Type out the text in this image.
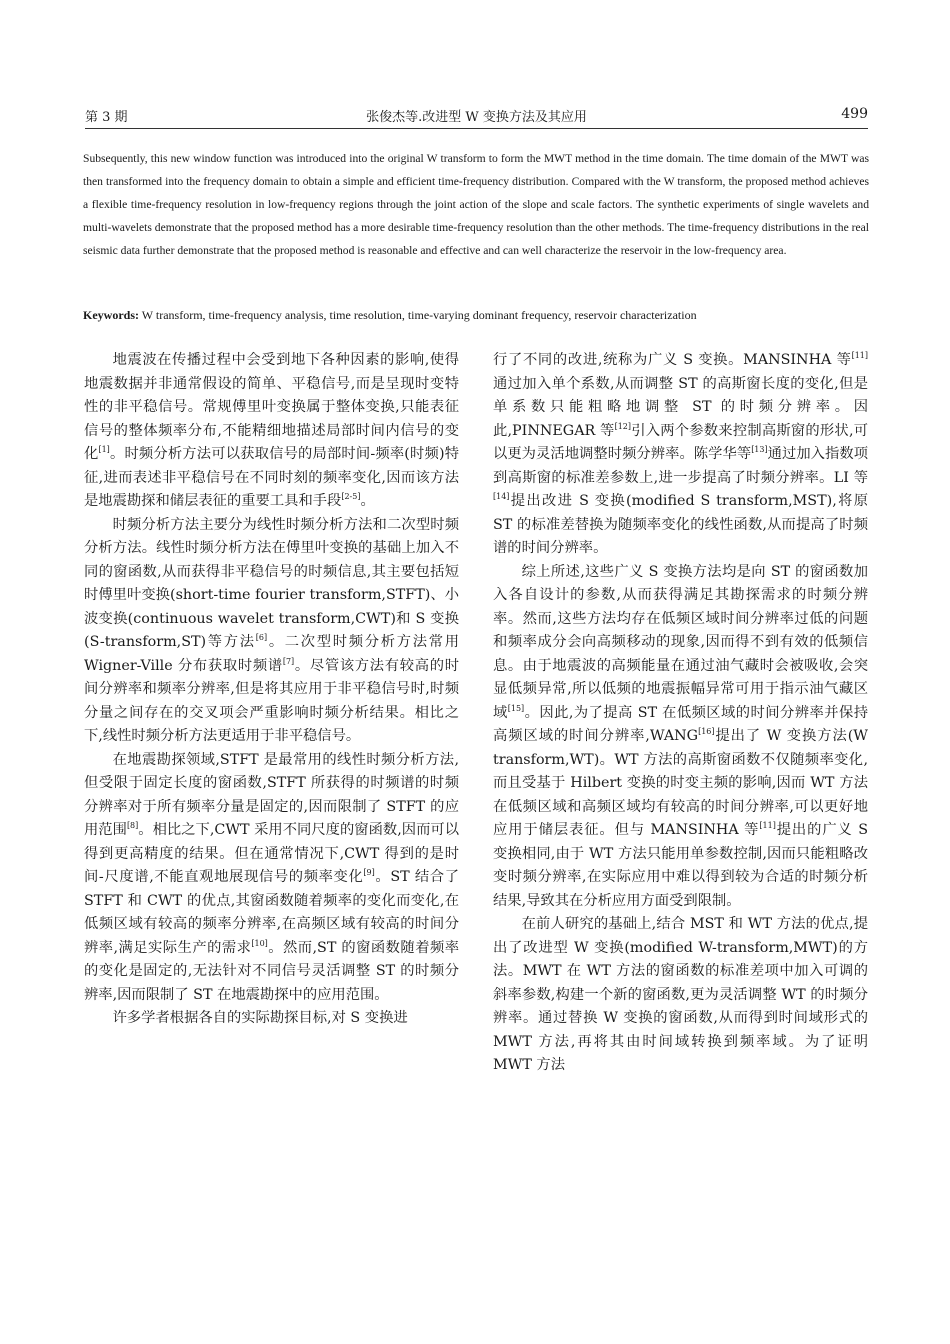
第 3 期	张俊杰等.改进型 W 变换方法及其应用	499

Subsequently, this new window function was introduced into the original W transform to form the MWT method in the time domain. The time domain of the MWT was then transformed into the frequency domain to obtain a simple and efficient time-frequency distribution. Compared with the W transform, the proposed method achieves a flexible time-frequency resolution in low-frequency regions through the joint action of the slope and scale factors. The synthetic experiments of single wavelets and multi-wavelets demonstrate that the proposed method has a more desirable time-frequency resolution than the other methods. The time-frequency distributions in the real seismic data further demonstrate that the proposed method is reasonable and effective and can well characterize the reservoir in the low-frequency area.

Keywords: W transform, time-frequency analysis, time resolution, time-varying dominant frequency, reservoir characterization

地震波在传播过程中会受到地下各种因素的影响,使得地震数据并非通常假设的简单、平稳信号,而是呈现时变特性的非平稳信号。常规傅里叶变换属于整体变换,只能表征信号的整体频率分布,不能精细地描述局部时间内信号的变化[1]。时频分析方法可以获取信号的局部时间-频率(时频)特征,进而表述非平稳信号在不同时刻的频率变化,因而该方法是地震勘探和储层表征的重要工具和手段[2-5]。

时频分析方法主要分为线性时频分析方法和二次型时频分析方法。线性时频分析方法在傅里叶变换的基础上加入不同的窗函数,从而获得非平稳信号的时频信息,其主要包括短时傅里叶变换(short-time fourier transform,STFT)、小波变换(continuous wavelet transform,CWT)和 S 变换(S-transform,ST)等方法[6]。二次型时频分析方法常用 Wigner-Ville 分布获取时频谱[7]。尽管该方法有较高的时间分辨率和频率分辨率,但是将其应用于非平稳信号时,时频分量之间存在的交叉项会严重影响时频分析结果。相比之下,线性时频分析方法更适用于非平稳信号。

在地震勘探领域,STFT 是最常用的线性时频分析方法,但受限于固定长度的窗函数,STFT 所获得的时频谱的时频分辨率对于所有频率分量是固定的,因而限制了 STFT 的应用范围[8]。相比之下,CWT 采用不同尺度的窗函数,因而可以得到更高精度的结果。但在通常情况下,CWT 得到的是时间-尺度谱,不能直观地展现信号的频率变化[9]。ST 结合了 STFT 和 CWT 的优点,其窗函数随着频率的变化而变化,在低频区域有较高的频率分辨率,在高频区域有较高的时间分辨率,满足实际生产的需求[10]。然而,ST 的窗函数随着频率的变化是固定的,无法针对不同信号灵活调整 ST 的时频分辨率,因而限制了 ST 在地震勘探中的应用范围。

许多学者根据各自的实际勘探目标,对 S 变换进

行了不同的改进,统称为广义 S 变换。MANSINHA 等[11]通过加入单个系数,从而调整 ST 的高斯窗长度的变化,但是单系数只能粗略地调整 ST 的时频分辨率。因此,PINNEGAR 等[12]引入两个参数来控制高斯窗的形状,可以更为灵活地调整时频分辨率。陈学华等[13]通过加入指数项到高斯窗的标准差参数上,进一步提高了时频分辨率。LI 等[14]提出改进 S 变换(modified S transform,MST),将原 ST 的标准差替换为随频率变化的线性函数,从而提高了时频谱的时间分辨率。

综上所述,这些广义 S 变换方法均是向 ST 的窗函数加入各自设计的参数,从而获得满足其勘探需求的时频分辨率。然而,这些方法均存在低频区域时间分辨率过低的问题和频率成分会向高频移动的现象,因而得不到有效的低频信息。由于地震波的高频能量在通过油气藏时会被吸收,会突显低频异常,所以低频的地震振幅异常可用于指示油气藏区域[15]。因此,为了提高 ST 在低频区域的时间分辨率并保持高频区域的时间分辨率,WANG[16]提出了 W 变换方法(W transform,WT)。WT 方法的高斯窗函数不仅随频率变化,而且受基于 Hilbert 变换的时变主频的影响,因而 WT 方法在低频区域和高频区域均有较高的时间分辨率,可以更好地应用于储层表征。但与 MANSINHA 等[11]提出的广义 S 变换相同,由于 WT 方法只能用单参数控制,因而只能粗略改变时频分辨率,在实际应用中难以得到较为合适的时频分析结果,导致其在分析应用方面受到限制。

在前人研究的基础上,结合 MST 和 WT 方法的优点,提出了改进型 W 变换(modified W-transform,MWT)的方法。MWT 在 WT 方法的窗函数的标准差项中加入可调的斜率参数,构建一个新的窗函数,更为灵活调整 WT 的时频分辨率。通过替换 W 变换的窗函数,从而得到时间域形式的 MWT 方法,再将其由时间域转换到频率域。为了证明 MWT 方法
